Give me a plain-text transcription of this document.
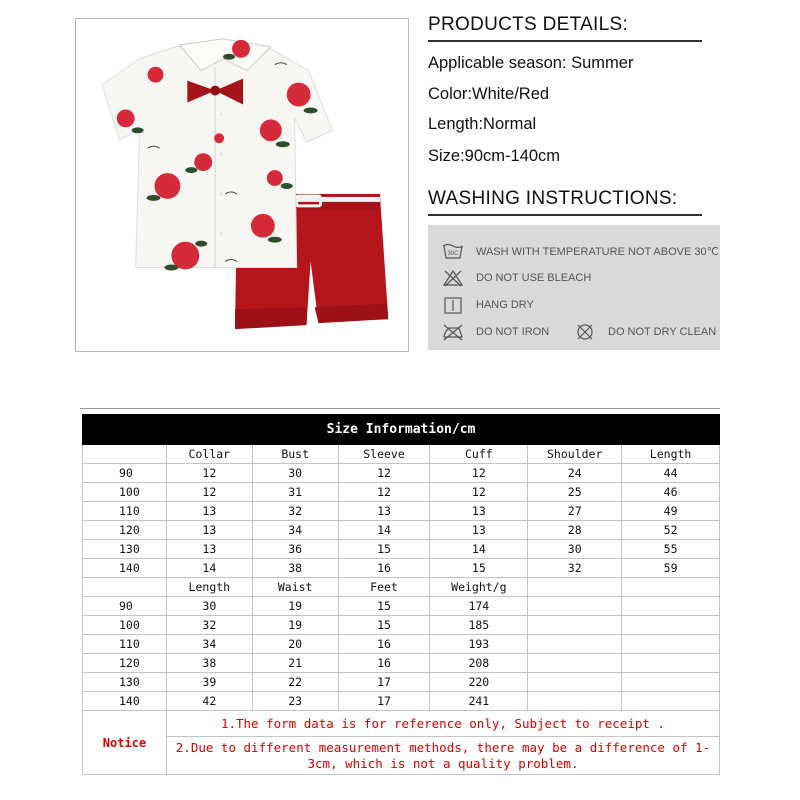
PRODUCTS DETAILS:
Applicable season: Summer
Color:White/Red
Length:Normal
Size:90cm-140cm
WASHING INSTRUCTIONS:
30C WASH WITH TEMPERATURE NOT ABOVE 30℃
DO NOT USE BLEACH
HANG DRY
DO NOT IRON	DO NOT DRY CLEAN
Size Information/cm						
	Collar	Bust	Sleeve	Cuff	Shoulder	Length
90	12	30	12	12	24	44
100	12	31	12	12	25	46
110	13	32	13	13	27	49
120	13	34	14	13	28	52
130	13	36	15	14	30	55
140	14	38	16	15	32	59
	Length	Waist	Feet	Weight/g		
90	30	19	15	174		
100	32	19	15	185		
110	34	20	16	193		
120	38	21	16	208		
130	39	22	17	220		
140	42	23	17	241		
Notice	1.The form data is for reference only, Subject to receipt .					
	2.Due to different measurement methods, there may be a difference of 1-3cm, which is not a quality problem.					
